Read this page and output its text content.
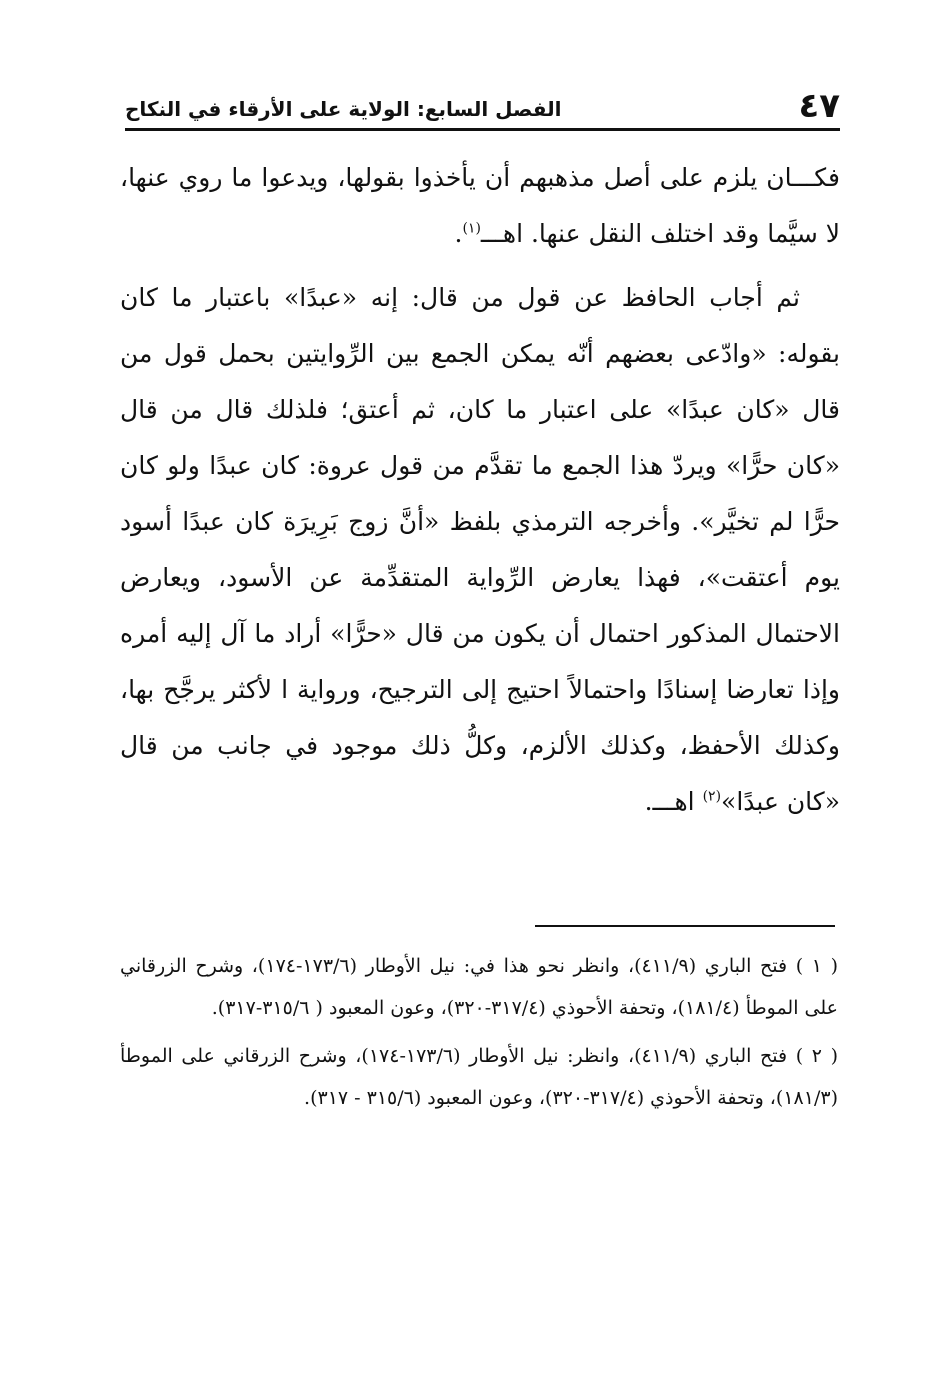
٤٧
الفصل السابع: الولاية على الأرقاء في النكاح

فكـــان يلزم على أصل مذهبهم أن يأخذوا بقولها، ويدعوا ما روي عنها، لا سيَّما وقد اختلف النقل عنها. اهـــ$^{(١)}$.

ثم أجاب الحافظ عن قول من قال: إنه «عبدًا» باعتبار ما كان بقوله: «وادّعى بعضهم أنّه يمكن الجمع بين الرِّوايتين بحمل قول من قال «كان عبدًا» على اعتبار ما كان، ثم أعتق؛ فلذلك قال من قال «كان حرًّا» ويردّ هذا الجمع ما تقدَّم من قول عروة: كان عبدًا ولو كان حرًّا لم تخيَّر». وأخرجه الترمذي بلفظ «أنَّ زوج بَرِيرَة كان عبدًا أسود يوم أعتقت»، فهذا يعارض الرِّواية المتقدِّمة عن الأسود، ويعارض الاحتمال المذكور احتمال أن يكون من قال «حرًّا» أراد ما آل إليه أمره وإذا تعارضا إسنادًا واحتمالاً احتيج إلى الترجيح، ورواية ا لأكثر يرجَّح بها، وكذلك الأحفظ، وكذلك الألزم، وكلُّ ذلك موجود في جانب من قال «كان عبدًا»$^{(٢)}$ اهـــ.

( ١ ) فتح الباري (٤١١/٩)، وانظر نحو هذا في: نيل الأوطار (١٧٣/٦-١٧٤)، وشرح الزرقاني على الموطأ (١٨١/٤)، وتحفة الأحوذي (٣١٧/٤-٣٢٠)، وعون المعبود ( ٣١٥/٦-٣١٧).

( ٢ ) فتح الباري (٤١١/٩)، وانظر: نيل الأوطار (١٧٣/٦-١٧٤)، وشرح الزرقاني على الموطأ (١٨١/٣)، وتحفة الأحوذي (٣١٧/٤-٣٢٠)، وعون المعبود (٣١٥/٦ - ٣١٧).
